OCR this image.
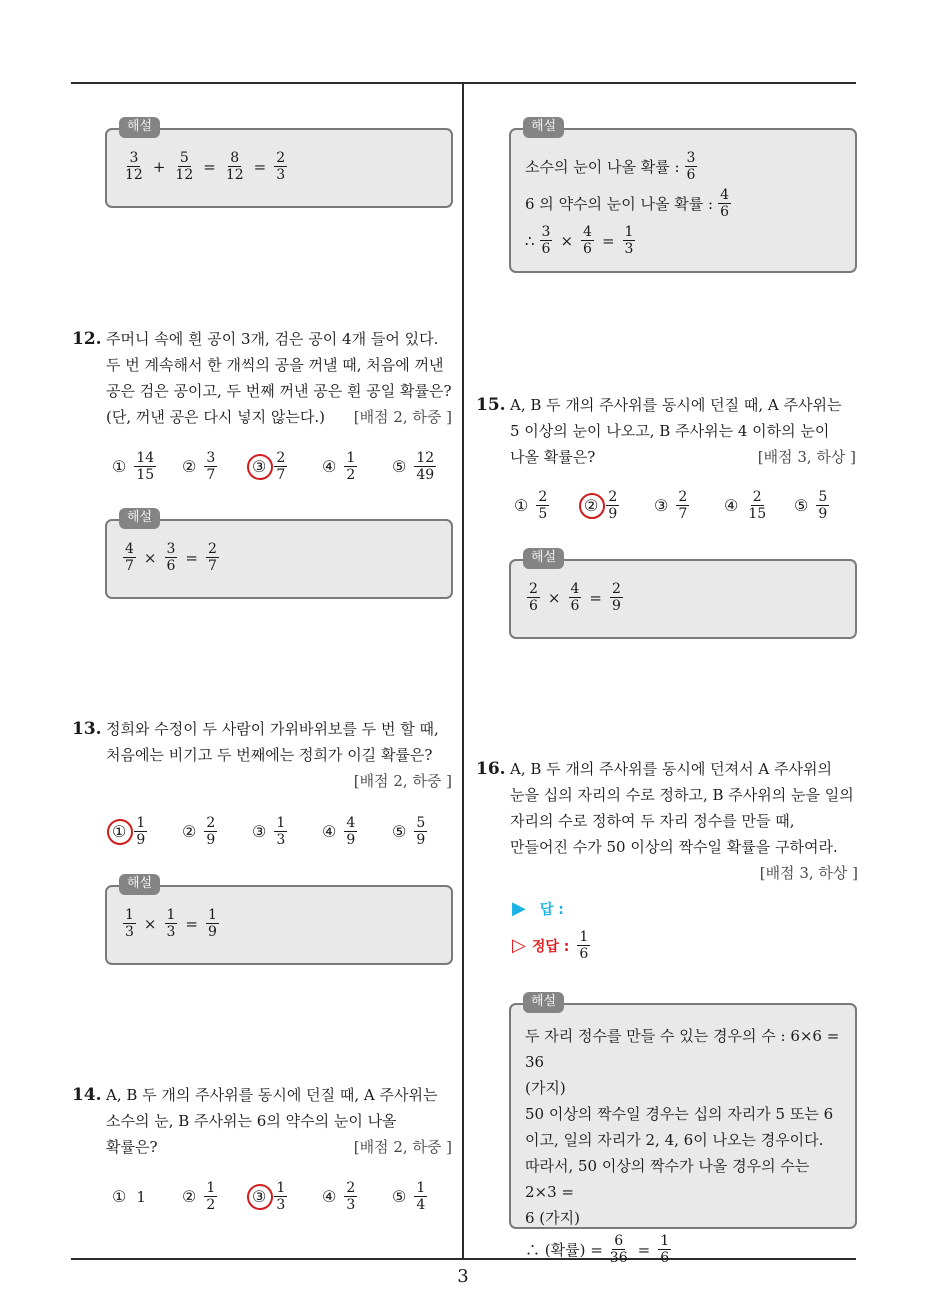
3
해설
$\frac{3}{12} + \frac{5}{12} = \frac{8}{12} = \frac{2}{3}$
12. 주머니 속에 흰 공이 3개, 검은 공이 4개 들어 있다.
두 번 계속해서 한 개씩의 공을 꺼낼 때, 처음에 꺼낸
공은 검은 공이고, 두 번째 꺼낸 공은 흰 공일 확률은?
(단, 꺼낸 공은 다시 넣지 않는다.) [배점 2, 하중 ]
① $\frac{14}{15}$ ② $\frac{3}{7}$ ③ $\frac{2}{7}$ ④ $\frac{1}{2}$ ⑤ $\frac{12}{49}$
해설
$\frac{4}{7} \times \frac{3}{6} = \frac{2}{7}$
13. 정희와 수정이 두 사람이 가위바위보를 두 번 할 때,
처음에는 비기고 두 번째에는 정희가 이길 확률은?
[배점 2, 하중 ]
① $\frac{1}{9}$ ② $\frac{2}{9}$ ③ $\frac{1}{3}$ ④ $\frac{4}{9}$ ⑤ $\frac{5}{9}$
해설
$\frac{1}{3} \times \frac{1}{3} = \frac{1}{9}$
14. A, B 두 개의 주사위를 동시에 던질 때, A 주사위는
소수의 눈, B 주사위는 6의 약수의 눈이 나올
확률은?	[배점 2, 하중 ]
① 1 ② $\frac{1}{2}$ ③ $\frac{1}{3}$ ④ $\frac{2}{3}$ ⑤ $\frac{1}{4}$
해설
소수의 눈이 나올 확률 : $\frac{3}{6}$
6 의 약수의 눈이 나올 확률 : $\frac{4}{6}$
∴ $\frac{3}{6} \times \frac{4}{6} = \frac{1}{3}$
15. A, B 두 개의 주사위를 동시에 던질 때, A 주사위는
5 이상의 눈이 나오고, B 주사위는 4 이하의 눈이
나올 확률은?	[배점 3, 하상 ]
① $\frac{2}{5}$ ② $\frac{2}{9}$ ③ $\frac{2}{7}$ ④ $\frac{2}{15}$ ⑤ $\frac{5}{9}$
해설
$\frac{2}{6} \times \frac{4}{6} = \frac{2}{9}$
16. A, B 두 개의 주사위를 동시에 던져서 A 주사위의
눈을 십의 자리의 수로 정하고, B 주사위의 눈을 일의
자리의 수로 정하여 두 자리 정수를 만들 때,
만들어진 수가 50 이상의 짝수일 확률을 구하여라.
[배점 3, 하상 ]
▶ 답 :
▷ 정답 : $\frac{1}{6}$
해설
두 자리 정수를 만들 수 있는 경우의 수 : 6×6 = 36
(가지)
50 이상의 짝수일 경우는 십의 자리가 5 또는 6
이고, 일의 자리가 2, 4, 6이 나오는 경우이다.
따라서, 50 이상의 짝수가 나올 경우의 수는 2×3 =
6 (가지)
∴ (확률) = $\frac{6}{36} = \frac{1}{6}$
